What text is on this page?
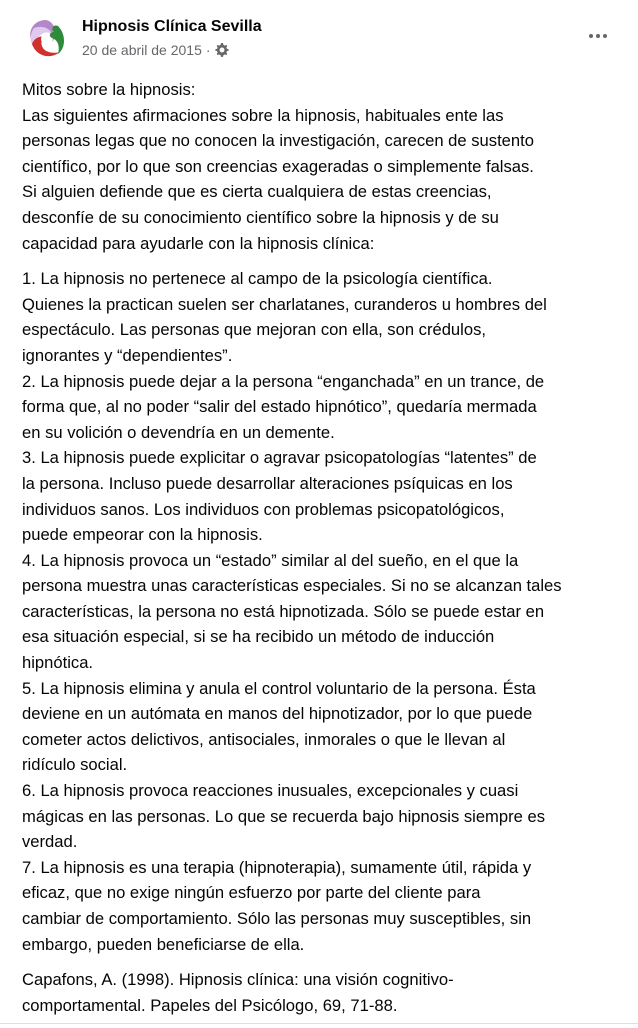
Hipnosis Clínica Sevilla
20 de abril de 2015 ·
Mitos sobre la hipnosis:
Las siguientes afirmaciones sobre la hipnosis, habituales ente las
personas legas que no conocen la investigación, carecen de sustento
científico, por lo que son creencias exageradas o simplemente falsas.
Si alguien defiende que es cierta cualquiera de estas creencias,
desconfíe de su conocimiento científico sobre la hipnosis y de su
capacidad para ayudarle con la hipnosis clínica:
1. La hipnosis no pertenece al campo de la psicología científica.
Quienes la practican suelen ser charlatanes, curanderos u hombres del
espectáculo. Las personas que mejoran con ella, son crédulos,
ignorantes y “dependientes”.
2. La hipnosis puede dejar a la persona “enganchada” en un trance, de
forma que, al no poder “salir del estado hipnótico”, quedaría mermada
en su volición o devendría en un demente.
3. La hipnosis puede explicitar o agravar psicopatologías “latentes” de
la persona. Incluso puede desarrollar alteraciones psíquicas en los
individuos sanos. Los individuos con problemas psicopatológicos,
puede empeorar con la hipnosis.
4. La hipnosis provoca un “estado” similar al del sueño, en el que la
persona muestra unas características especiales. Si no se alcanzan tales
características, la persona no está hipnotizada. Sólo se puede estar en
esa situación especial, si se ha recibido un método de inducción
hipnótica.
5. La hipnosis elimina y anula el control voluntario de la persona. Ésta
deviene en un autómata en manos del hipnotizador, por lo que puede
cometer actos delictivos, antisociales, inmorales o que le llevan al
ridículo social.
6. La hipnosis provoca reacciones inusuales, excepcionales y cuasi
mágicas en las personas. Lo que se recuerda bajo hipnosis siempre es
verdad.
7. La hipnosis es una terapia (hipnoterapia), sumamente útil, rápida y
eficaz, que no exige ningún esfuerzo por parte del cliente para
cambiar de comportamiento. Sólo las personas muy susceptibles, sin
embargo, pueden beneficiarse de ella.
Capafons, A. (1998). Hipnosis clínica: una visión cognitivo-
comportamental. Papeles del Psicólogo, 69, 71-88.
